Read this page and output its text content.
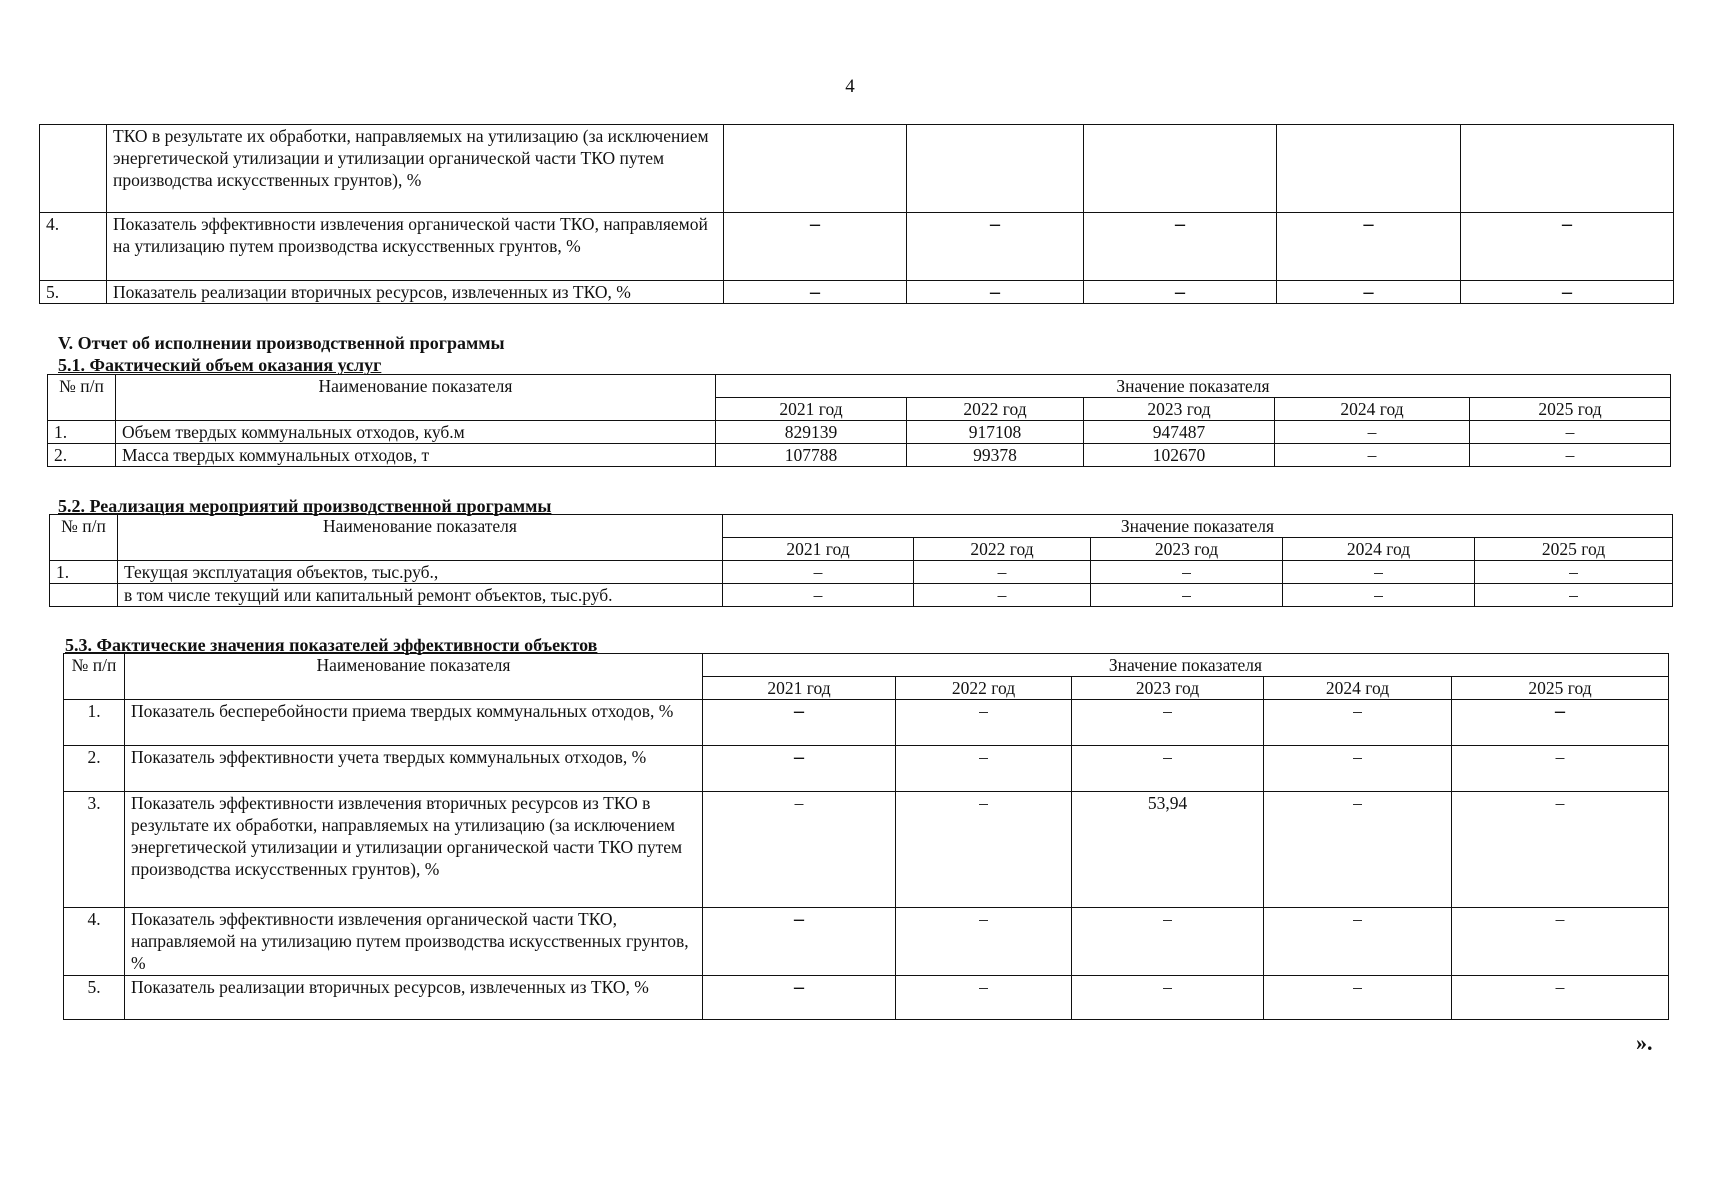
4
	ТКО в результате их обработки, направляемых на утилизацию (за исключением энергетической утилизации и утилизации органической части ТКО путем производства искусственных грунтов), %					
4.	Показатель эффективности извлечения органической части ТКО, направляемой на утилизацию путем производства искусственных грунтов, %	–	–	–	–	–
5.	Показатель реализации вторичных ресурсов, извлеченных из ТКО, %	–	–	–	–	–
V. Отчет об исполнении производственной программы
5.1. Фактический объем оказания услуг
№ п/п	Наименование показателя	Значение показателя				
		2021 год	2022 год	2023 год	2024 год	2025 год
1.	Объем твердых коммунальных отходов, куб.м	829139	917108	947487	–	–
2.	Масса твердых коммунальных отходов, т	107788	99378	102670	–	–
5.2. Реализация мероприятий производственной программы
№ п/п	Наименование показателя	Значение показателя				
		2021 год	2022 год	2023 год	2024 год	2025 год
1.	Текущая эксплуатация объектов, тыс.руб.,	–	–	–	–	–
	в том числе текущий или капитальный ремонт объектов, тыс.руб.	–	–	–	–	–
5.3. Фактические значения показателей эффективности объектов
№ п/п	Наименование показателя	Значение показателя				
		2021 год	2022 год	2023 год	2024 год	2025 год
1.	Показатель бесперебойности приема твердых коммунальных отходов, %	–	–	–	–	–
2.	Показатель эффективности учета твердых коммунальных отходов, %	–	–	–	–	–
3.	Показатель эффективности извлечения вторичных ресурсов из ТКО в результате их обработки, направляемых на утилизацию (за исключением энергетической утилизации и утилизации органической части ТКО путем производства искусственных грунтов), %	–	–	53,94	–	–
4.	Показатель эффективности извлечения органической части ТКО, направляемой на утилизацию путем производства искусственных грунтов, %	–	–	–	–	–
5.	Показатель реализации вторичных ресурсов, извлеченных из ТКО, %	–	–	–	–	–
».
